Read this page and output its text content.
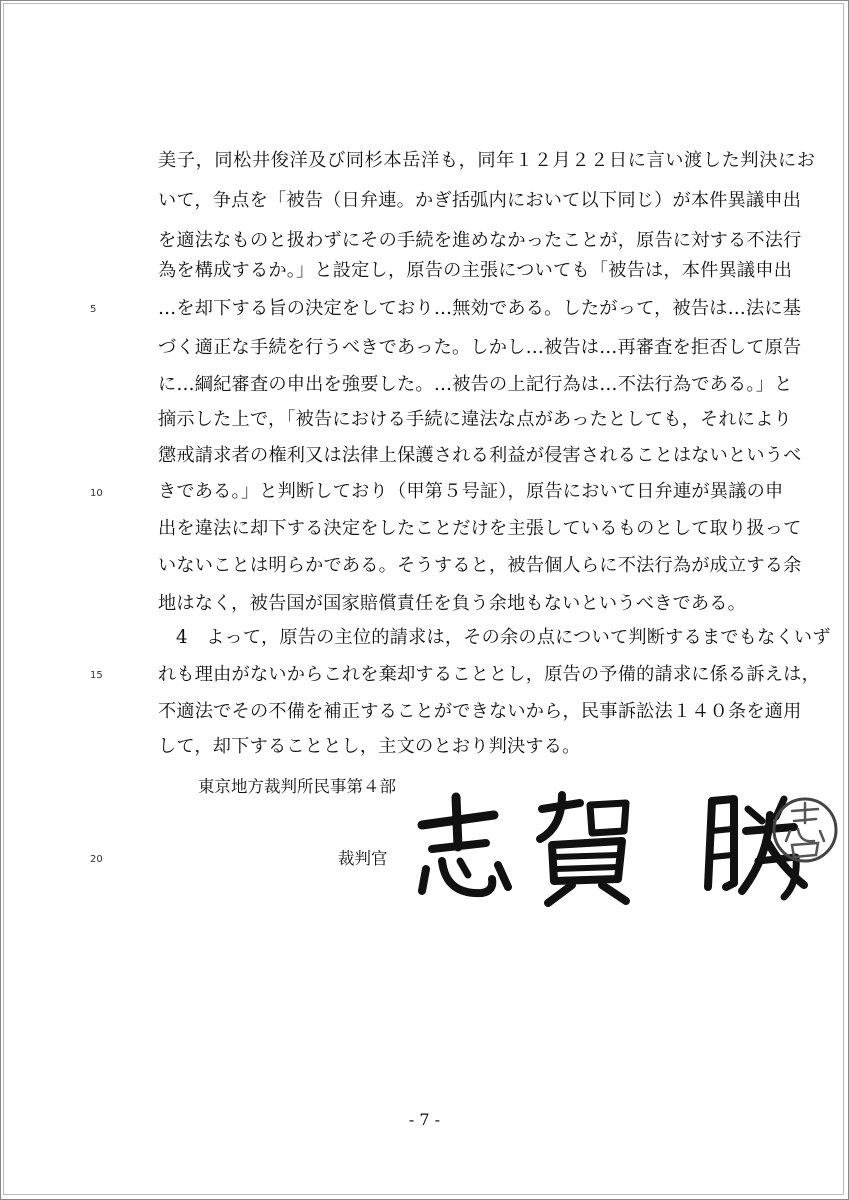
美子，同松井俊洋及び同杉本岳洋も，同年１２月２２日に言い渡した判決にお
いて，争点を「被告（日弁連。かぎ括弧内において以下同じ）が本件異議申出
を適法なものと扱わずにその手続を進めなかったことが，原告に対する不法行
為を構成するか。」と設定し，原告の主張についても「被告は，本件異議申出
…を却下する旨の決定をしており…無効である。したがって，被告は…法に基
づく適正な手続を行うべきであった。しかし…被告は…再審査を拒否して原告
に…綱紀審査の申出を強要した。…被告の上記行為は…不法行為である。」と
摘示した上で，「被告における手続に違法な点があったとしても，それにより
懲戒請求者の権利又は法律上保護される利益が侵害されることはないというべ
きである。」と判断しており（甲第５号証），原告において日弁連が異議の申
出を違法に却下する決定をしたことだけを主張しているものとして取り扱って
いないことは明らかである。そうすると，被告個人らに不法行為が成立する余
地はなく，被告国が国家賠償責任を負う余地もないというべきである。
4　よって，原告の主位的請求は，その余の点について判断するまでもなくいず
れも理由がないからこれを棄却することとし，原告の予備的請求に係る訴えは，
不適法でその不備を補正することができないから，民事訴訟法１４０条を適用
して，却下することとし，主文のとおり判決する。
5
10
15
20
東京地方裁判所民事第４部
裁判官
- 7 -
